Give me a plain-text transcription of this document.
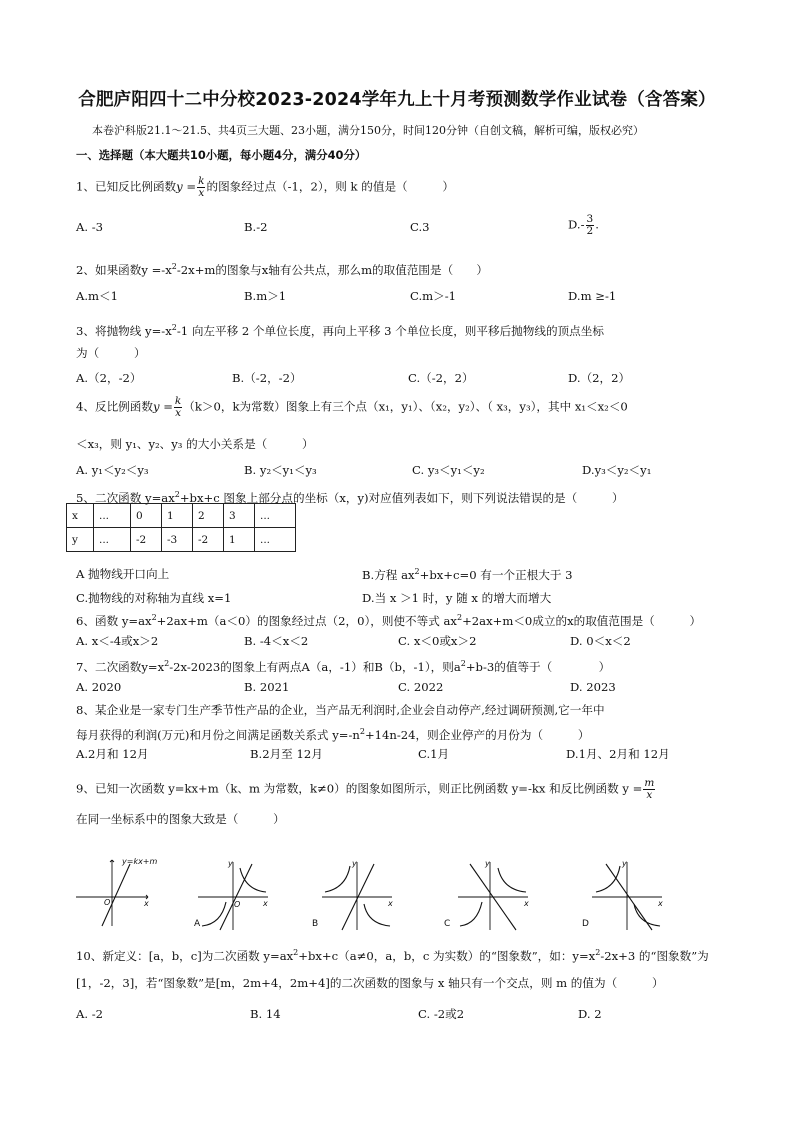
合肥庐阳四十二中分校2023-2024学年九上十月考预测数学作业试卷（含答案）
本卷沪科版21.1～21.5、共4页三大题、23小题，满分150分，时间120分钟（自创文稿，解析可编，版权必究）
一、选择题（本大题共10小题，每小题4分，满分40分）
1、已知反比例函数$y = \frac{k}{x}$ 的图象经过点（-1，2），则 k 的值是（　　　）
A. -3	B.-2	C.3	$D.- \frac{3}{2}$ .
2、如果函数$y =-x^2-2x+m$的图象与x轴有公共点，那么m的取值范围是（　　）
A.m＜1	B.m＞1	C.m＞-1	D.m ≥-1
3、将抛物线 $y=-x^2-1$ 向左平移 2 个单位长度，再向上平移 3 个单位长度，则平移后抛物线的顶点坐标
为（　　　）
A.（2，-2）	B.（-2，-2）	C.（-2，2）	D.（2，2）
4、反比例函数$y = \frac{k}{x} (k>0$，k为常数）图象上有三个点（x₁，y₁）、（x₂，y₂）、（ x₃，y₃），其中 x₁＜x₂＜0
＜x₃，则 y₁、y₂、y₃ 的大小关系是（　　　）
A. y₁＜y₂＜y₃	B. y₂＜y₁＜y₃	C. y₃＜y₁＜y₂	D.y₃＜y₂＜y₁
5、二次函数 $y=ax^2+bx+c$ 图象上部分点的坐标（x，y)对应值列表如下，则下列说法错误的是（　　　）
x	...	0	1	2	3	...
y	...	-2	-3	-2	1	...
A 抛物线开口向上	B.方程 $ax^2+bx+c=0$ 有一个正根大于 3
C.抛物线的对称轴为直线 x=1	D.当 x ＞1 时，y 随 x 的增大而增大
6、函数 $y=ax^2+2ax+m(a<0)$的图象经过点（2，0），则使不等式 $ax^2+2ax+m<0$成立的x的取值范围是（　　　）
A. x＜-4或x＞2	B. -4＜x＜2	C. x＜0或x＞2	D. 0＜x＜2
7、二次函数$y=x^2-2x-2023$的图象上有两点A（a，-1）和B（b，-1），则$a^2+b-3$的值等于（　　　　）
A. 2020	B. 2021	C. 2022	D. 2023
8、某企业是一家专门生产季节性产品的企业，当产品无利润时,企业会自动停产,经过调研预测,它一年中
每月获得的利润(万元)和月份之间满足函数关系式 $y=-n^2+14n-24$，则企业停产的月份为（　　　）
A.2月和 12月	B.2月至 12月	C.1月	D.1月、2月和 12月
9、已知一次函数 y=kx+m（k、m 为常数，k≠0）的图象如图所示，则正比例函数 y=-kx 和反比例函数 $y = \frac{m}{x}$
在同一坐标系中的图象大致是（　　　）
y=kx+m
O	x
y
O	x
y
x
y
x
y
x
A	B	C	D
10、新定义：[a，b，c]为二次函数 $y=ax^2+bx+c(a\ne 0$，a，b，c 为实数）的“图象数”，如：$y=x^2-2x+3$ 的“图象数”为
[1，-2，3]，若“图象数”是[m，2m+4，2m+4]的二次函数的图象与 x 轴只有一个交点，则 m 的值为（　　　）
A. -2	B. 14	C. -2或2	D. 2
